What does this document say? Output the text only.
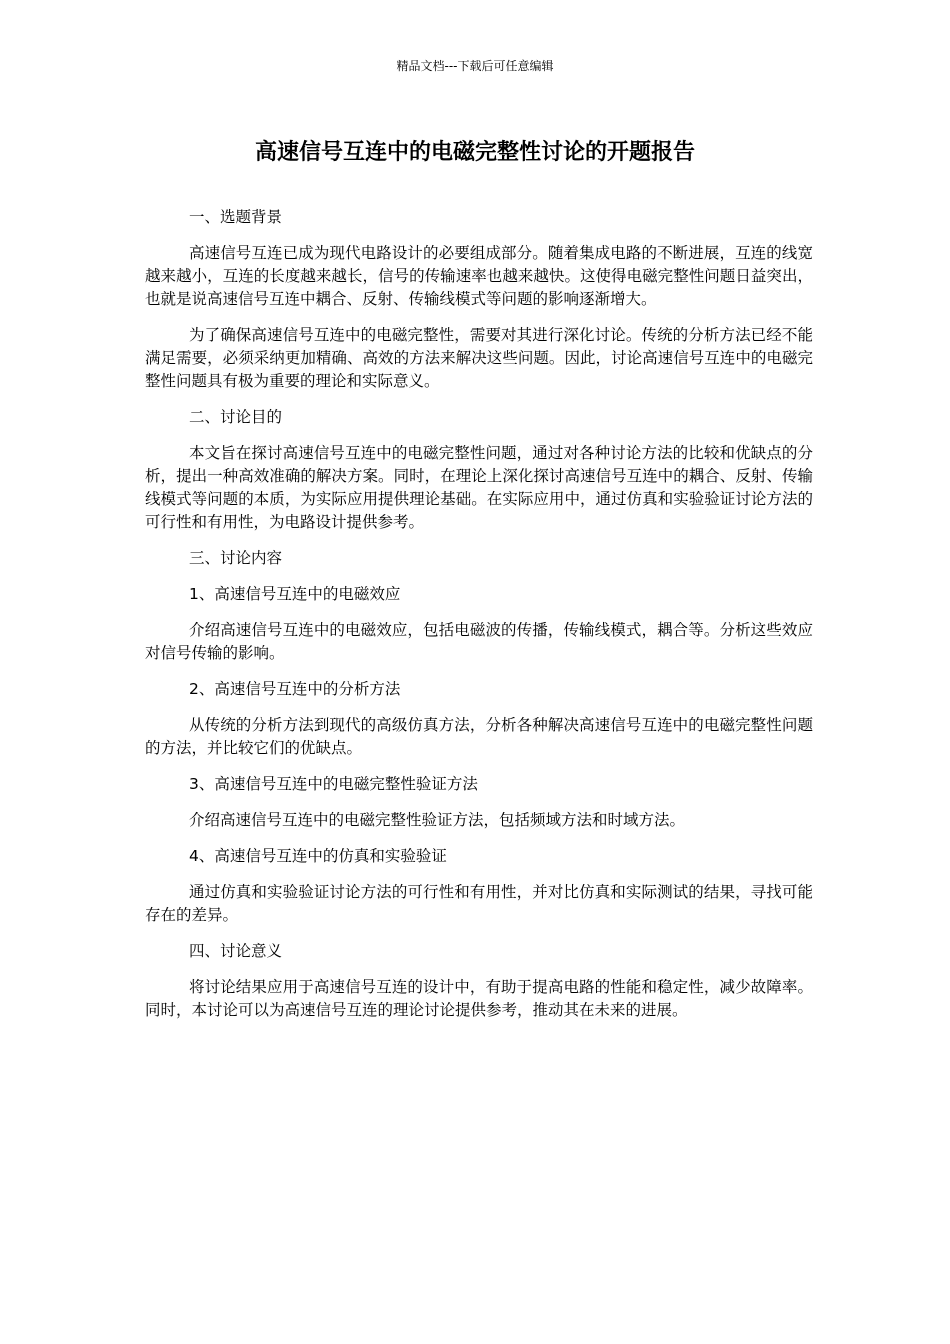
精品文档---下载后可任意编辑
高速信号互连中的电磁完整性讨论的开题报告

一、选题背景

高速信号互连已成为现代电路设计的必要组成部分。随着集成电路的不断进展，互连的线宽越来越小，互连的长度越来越长，信号的传输速率也越来越快。这使得电磁完整性问题日益突出，也就是说高速信号互连中耦合、反射、传输线模式等问题的影响逐渐增大。

为了确保高速信号互连中的电磁完整性，需要对其进行深化讨论。传统的分析方法已经不能满足需要，必须采纳更加精确、高效的方法来解决这些问题。因此，讨论高速信号互连中的电磁完整性问题具有极为重要的理论和实际意义。

二、讨论目的

本文旨在探讨高速信号互连中的电磁完整性问题，通过对各种讨论方法的比较和优缺点的分析，提出一种高效准确的解决方案。同时，在理论上深化探讨高速信号互连中的耦合、反射、传输线模式等问题的本质，为实际应用提供理论基础。在实际应用中，通过仿真和实验验证讨论方法的可行性和有用性，为电路设计提供参考。

三、讨论内容

1、高速信号互连中的电磁效应

介绍高速信号互连中的电磁效应，包括电磁波的传播，传输线模式，耦合等。分析这些效应对信号传输的影响。

2、高速信号互连中的分析方法

从传统的分析方法到现代的高级仿真方法，分析各种解决高速信号互连中的电磁完整性问题的方法，并比较它们的优缺点。

3、高速信号互连中的电磁完整性验证方法

介绍高速信号互连中的电磁完整性验证方法，包括频域方法和时域方法。

4、高速信号互连中的仿真和实验验证

通过仿真和实验验证讨论方法的可行性和有用性，并对比仿真和实际测试的结果，寻找可能存在的差异。

四、讨论意义

将讨论结果应用于高速信号互连的设计中，有助于提高电路的性能和稳定性，减少故障率。同时，本讨论可以为高速信号互连的理论讨论提供参考，推动其在未来的进展。
